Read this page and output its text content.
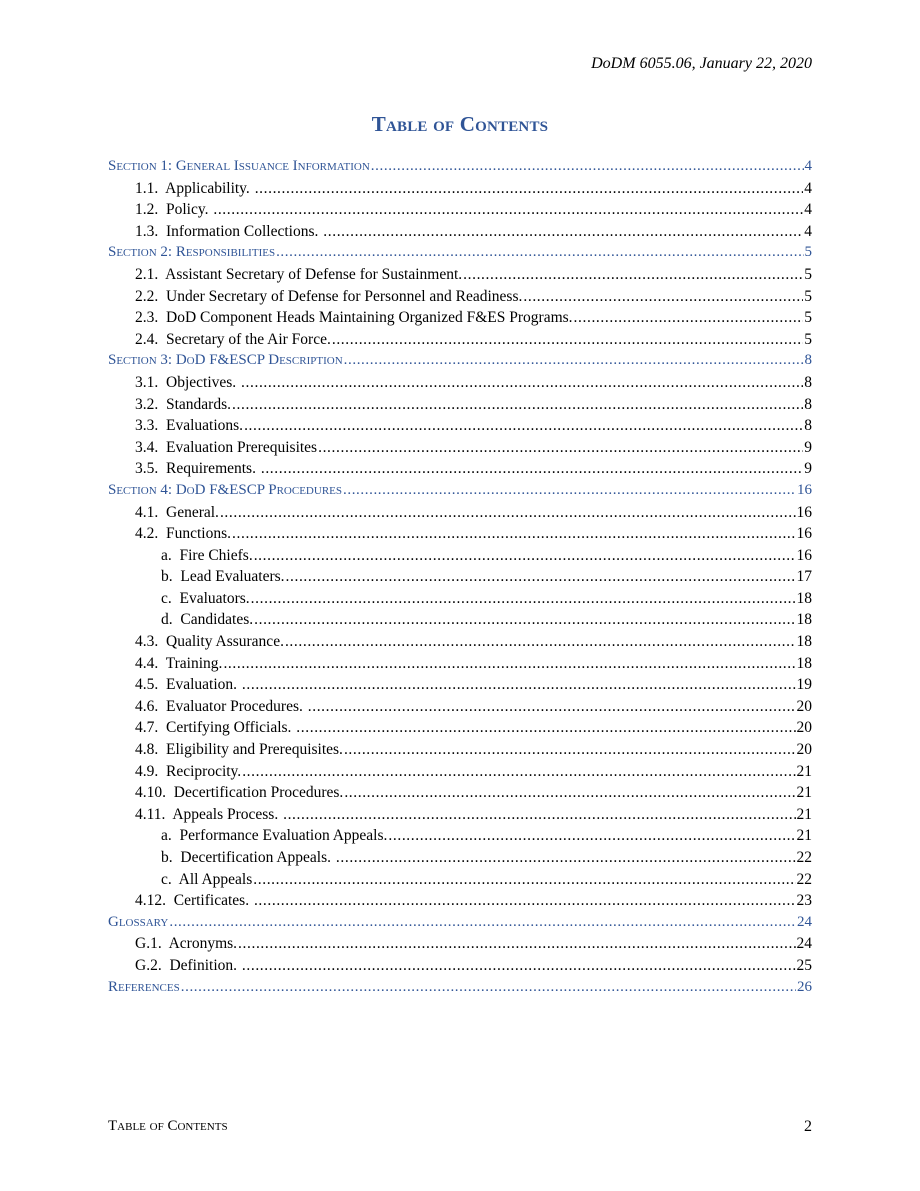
DoDM 6055.06, January 22, 2020
Table of Contents
Section 1: General Issuance Information .....	4
1.1.  Applicability. .....	4
1.2.  Policy. .....	4
1.3.  Information Collections. .....	4
Section 2: Responsibilities .....	5
2.1.  Assistant Secretary of Defense for Sustainment. .....	5
2.2.  Under Secretary of Defense for Personnel and Readiness. .....	5
2.3.  DoD Component Heads Maintaining Organized F&ES Programs. .....	5
2.4.  Secretary of the Air Force. .....	5
Section 3: DoD F&ESCP Description .....	8
3.1.  Objectives. .....	8
3.2.  Standards. .....	8
3.3.  Evaluations. .....	8
3.4.  Evaluation Prerequisites .....	9
3.5.  Requirements. .....	9
Section 4: DoD F&ESCP Procedures .....	16
4.1.  General. .....	16
4.2.  Functions. .....	16
a.  Fire Chiefs. .....	16
b.  Lead Evaluaters. .....	17
c.  Evaluators. .....	18
d.  Candidates. .....	18
4.3.  Quality Assurance. .....	18
4.4.  Training. .....	18
4.5.  Evaluation. .....	19
4.6.  Evaluator Procedures. .....	20
4.7.  Certifying Officials. .....	20
4.8.  Eligibility and Prerequisites. .....	20
4.9.  Reciprocity. .....	21
4.10.  Decertification Procedures. .....	21
4.11.  Appeals Process. .....	21
a.  Performance Evaluation Appeals. .....	21
b.  Decertification Appeals. .....	22
c.  All Appeals .....	22
4.12.  Certificates. .....	23
Glossary .....	24
G.1.  Acronyms. .....	24
G.2.  Definition. .....	25
References .....	26
Table of Contents	2
